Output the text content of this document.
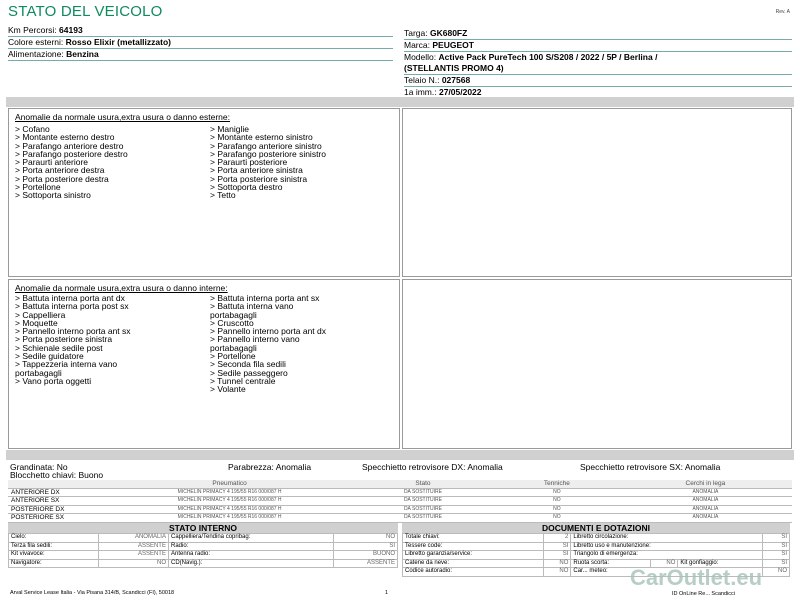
STATO DEL VEICOLO	Rev. A
Km Percorsi: 64193
Colore esterni: Rosso Elixir (metallizzato)
Alimentazione: Benzina
Targa: GK680FZ
Marca: PEUGEOT
Modello: Active Pack PureTech 100 S/S208 / 2022 / 5P / Berlina /
(STELLANTIS PROMO 4)
Telaio N.: 027568
1a imm.: 27/05/2022
Anomalie da normale usura,extra usura o danno esterne:
> Cofano
> Montante esterno destro
> Parafango anteriore destro
> Parafango posteriore destro
> Paraurti anteriore
> Porta anteriore destra
> Porta posteriore destra
> Portellone
> Sottoporta sinistro
> Maniglie
> Montante esterno sinistro
> Parafango anteriore sinistro
> Parafango posteriore sinistro
> Paraurti posteriore
> Porta anteriore sinistra
> Porta posteriore sinistra
> Sottoporta destro
> Tetto
Anomalie da normale usura,extra usura o danno interne:
> Battuta interna porta ant dx
> Battuta interna porta post sx
> Cappelliera
> Moquette
> Pannello interno porta ant sx
> Porta posteriore sinistra
> Schienale sedile post
> Sedile guidatore
> Tappezzeria interna vano
portabagagli
> Vano porta oggetti
> Battuta interna porta ant sx
> Battuta interna vano
portabagagli
> Cruscotto
> Pannello interno porta ant dx
> Pannello interno vano
portabagagli
> Portellone
> Seconda fila sedili
> Sedile passeggero
> Tunnel centrale
> Volante
Grandinata: No
Blocchetto chiavi: Buono
Parabrezza: Anomalia	Specchietto retrovisore DX: Anomalia	Specchietto retrovisore SX: Anomalia
	Pneumatico	Stato	Tenniche	Cerchi in lega
ANTERIORE DX	MICHELIN PRIMACY 4 195/55 R16 000/087 H	DA SOSTITUIRE	NO	ANOMALIA
ANTERIORE SX	MICHELIN PRIMACY 4 195/55 R16 000/087 H	DA SOSTITUIRE	NO	ANOMALIA
POSTERIORE DX	MICHELIN PRIMACY 4 195/55 R16 000/087 H	DA SOSTITUIRE	NO	ANOMALIA
POSTERIORE SX	MICHELIN PRIMACY 4 195/55 R16 000/087 H	DA SOSTITUIRE	NO	ANOMALIA
STATO INTERNO
Cielo:	ANOMALIA	Cappelliera/Tendina copribag:	NO
Terza fila sedili:	ASSENTE	Radio:	SI
Kit vivavoce:	ASSENTE	Antenna radio:	BUONO
Navigatore:	NO	CD(Navig.):	ASSENTE
DOCUMENTI E DOTAZIONI
Totale chiavi:	2	Libretto circolazione:			SI
Tessere code:	SI	Libretto uso e manutenzione:			SI
Libretto garanzia/service:	SI	Triangolo di emergenza:			SI
Catene da neve:	NO	Ruota scorta:	NO	Kit gonfiaggio:	SI
Codice autoradio:	NO	Car... meteo:			NO
Arval Service Lease Italia - Via Pisana 314/B, Scandicci (FI), 50018	1	ID OnLine Re... Scandicci
CarOutlet.eu
